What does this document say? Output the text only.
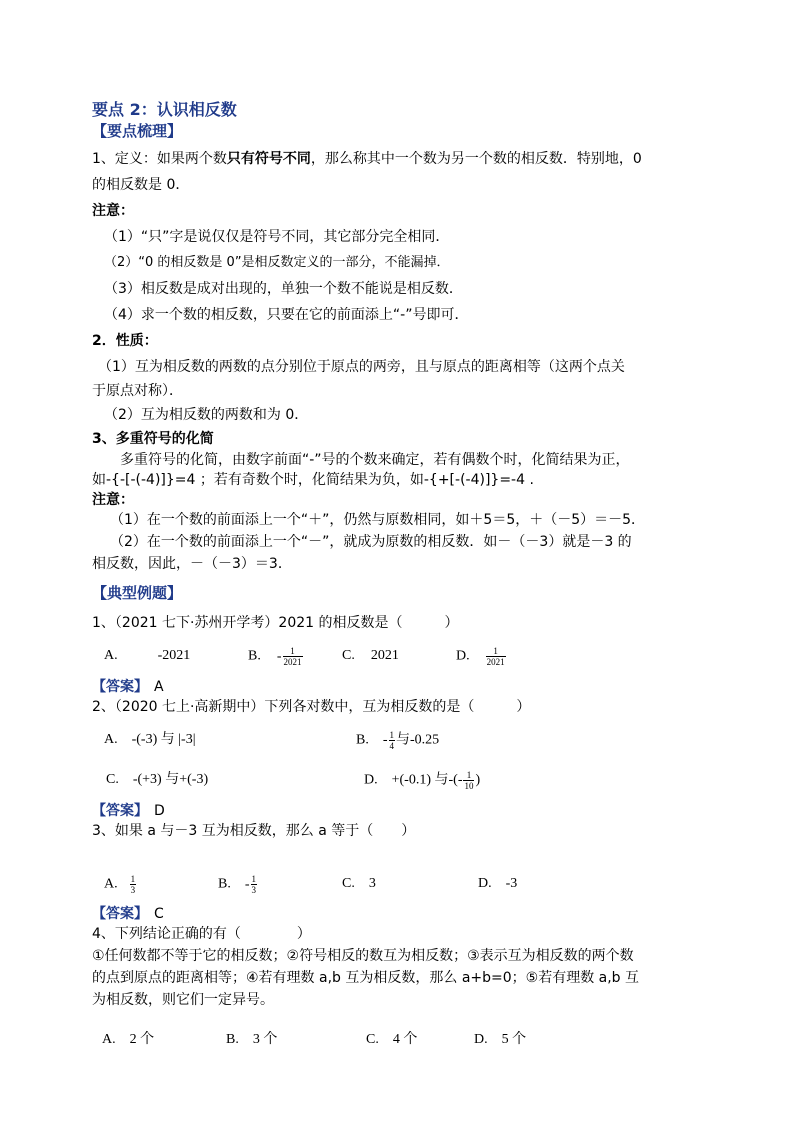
要点 2：认识相反数
【要点梳理】
1、定义：如果两个数只有符号不同，那么称其中一个数为另一个数的相反数．特别地，0
的相反数是 0．
注意：
（1）“只”字是说仅仅是符号不同，其它部分完全相同．
（2）“0 的相反数是 0”是相反数定义的一部分，不能漏掉．
（3）相反数是成对出现的，单独一个数不能说是相反数．
（4）求一个数的相反数，只要在它的前面添上“-”号即可．
2．性质：
（1）互为相反数的两数的点分别位于原点的两旁，且与原点的距离相等（这两个点关
于原点对称）．
（2）互为相反数的两数和为 0．
3、多重符号的化简
多重符号的化简，由数字前面“-”号的个数来确定，若有偶数个时，化简结果为正，
如-{-[-(-4)]}=4 ；若有奇数个时，化简结果为负，如-{+[-(-4)]}=-4 .
注意：
（1）在一个数的前面添上一个“＋”，仍然与原数相同，如＋5＝5，＋（－5）＝－5．
（2）在一个数的前面添上一个“－”，就成为原数的相反数．如－（－3）就是－3 的
相反数，因此，－（－3）＝3．
【典型例题】
1、（2021 七下·苏州开学考）2021 的相反数是（　　　）
A.	-2021	B. - $\frac{1}{2021}$	C. 2021	D. $\frac{1}{2021}$
【答案】 A
2、（2020 七上·高新期中）下列各对数中，互为相反数的是（　　　）
A.　-(-3) 与 |-3|	B.　- $\frac{1}{4}$ 与-0.25
C.　-(+3) 与+(-3)	D.　+(-0.1) 与-(- $\frac{1}{10}$ )
【答案】 D
3、如果 a 与－3 互为相反数，那么 a 等于（　　）
A. $\frac{1}{3}$	B. - $\frac{1}{3}$	C.　3	D.　-3
【答案】 C
4、下列结论正确的有（　　　　）
①任何数都不等于它的相反数；②符号相反的数互为相反数；③表示互为相反数的两个数
的点到原点的距离相等；④若有理数 a,b 互为相反数，那么 a+b=0；⑤若有理数 a,b 互
为相反数，则它们一定异号。
A.　2 个	B.　3 个	C.　4 个	D.　5 个
